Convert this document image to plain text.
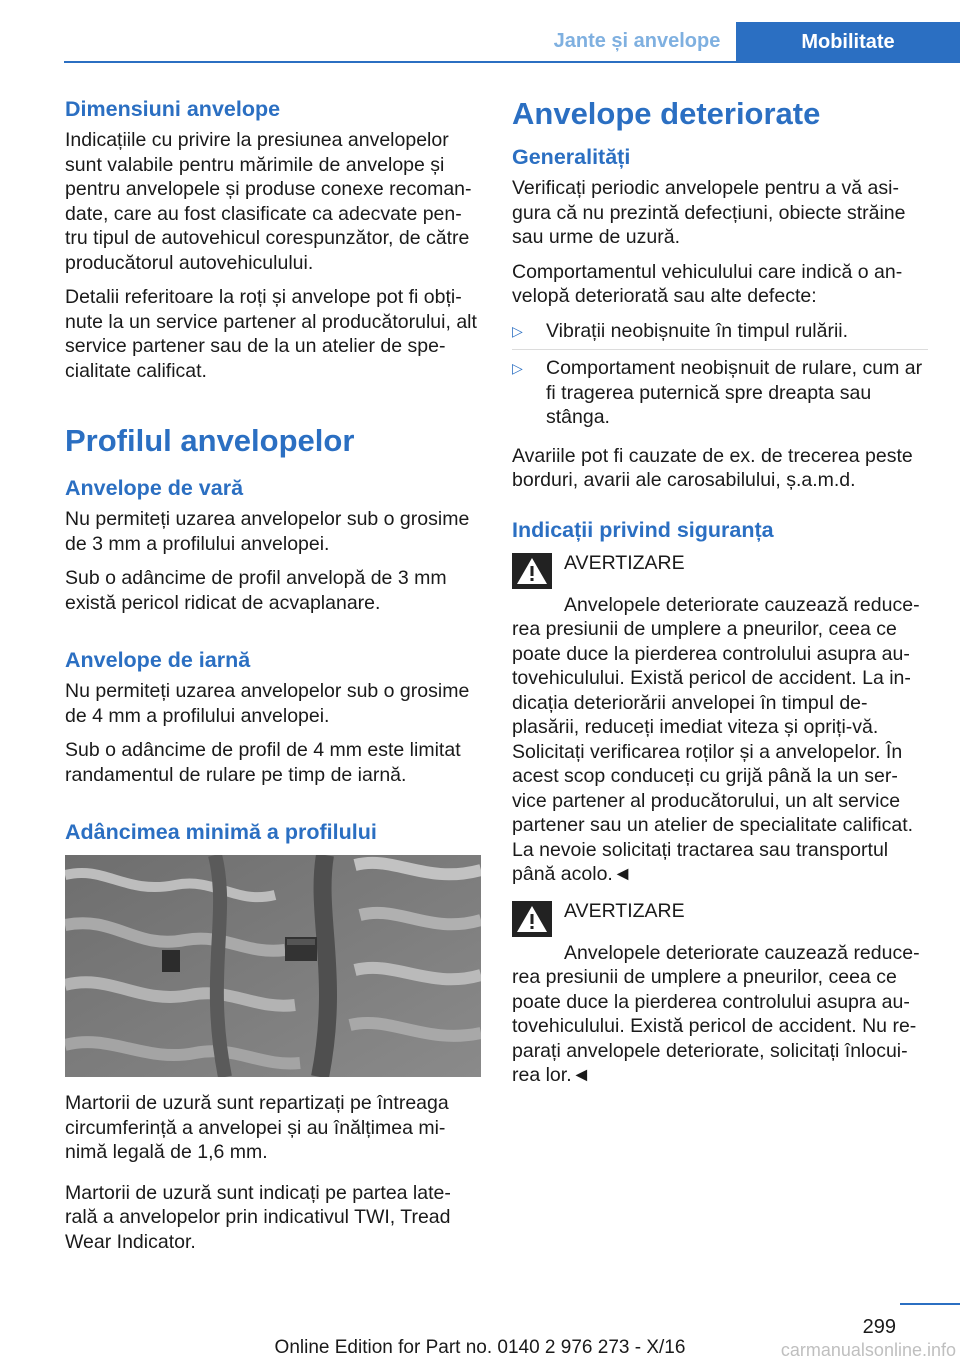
Jante și anvelope	Mobilitate
Dimensiuni anvelope

Indicațiile cu privire la presiunea anvelopelor sunt valabile pentru mărimile de anvelope și pentru anvelopele și produse conexe recoman‐date, care au fost clasificate ca adecvate pen‐tru tipul de autovehicul corespunzător, de către producătorul autovehiculului.

Detalii referitoare la roți și anvelope pot fi obți‐nute la un service partener al producătorului, alt service partener sau de la un atelier de spe‐cialitate calificat.

Profilul anvelopelor
Anvelope de vară

Nu permiteți uzarea anvelopelor sub o grosime de 3 mm a profilului anvelopei.

Sub o adâncime de profil anvelopă de 3 mm există pericol ridicat de acvaplanare.

Anvelope de iarnă

Nu permiteți uzarea anvelopelor sub o grosime de 4 mm a profilului anvelopei.

Sub o adâncime de profil de 4 mm este limitat randamentul de rulare pe timp de iarnă.

Adâncimea minimă a profilului

Martorii de uzură sunt repartizați pe întreaga circumferință a anvelopei și au înălțimea mi‐nimă legală de 1,6 mm.

Martorii de uzură sunt indicați pe partea late‐rală a anvelopelor prin indicativul TWI, Tread Wear Indicator.

Anvelope deteriorate
Generalități

Verificați periodic anvelopele pentru a vă asi‐gura că nu prezintă defecțiuni, obiecte străine sau urme de uzură.

Comportamentul vehiculului care indică o an‐velopă deteriorată sau alte defecte:

▷ Vibrații neobișnuite în timpul rulării.
▷ Comportament neobișnuit de rulare, cum ar fi tragerea puternică spre dreapta sau stânga.

Avariile pot fi cauzate de ex. de trecerea peste borduri, avarii ale carosabilului, ș.a.m.d.

Indicații privind siguranța
AVERTIZARE

Anvelopele deteriorate cauzează reduce‐rea presiunii de umplere a pneurilor, ceea ce poate duce la pierderea controlului asupra au‐tovehiculului. Există pericol de accident. La in‐dicația deteriorării anvelopei în timpul de‐plasării, reduceți imediat viteza și opriți-vă. Solicitați verificarea roților și a anvelopelor. În acest scop conduceți cu grijă până la un ser‐vice partener al producătorului, un alt service partener sau un atelier de specialitate calificat. La nevoie solicitați tractarea sau transportul până acolo.◄

AVERTIZARE

Anvelopele deteriorate cauzează reduce‐rea presiunii de umplere a pneurilor, ceea ce poate duce la pierderea controlului asupra au‐tovehiculului. Există pericol de accident. Nu re‐parați anvelopele deteriorate, solicitați înlocui‐rea lor.◄

299
Online Edition for Part no. 0140 2 976 273 - X/16	carmanualsonline.info
